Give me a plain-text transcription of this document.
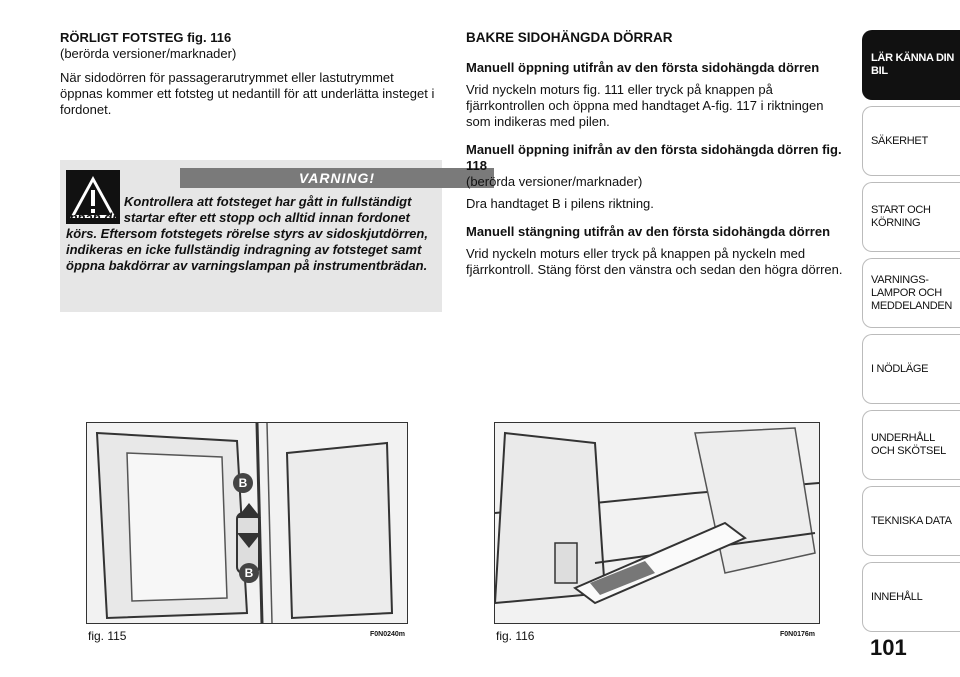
RÖRLIGT FOTSTEG fig. 116

(berörda versioner/marknader)

När sidodörren för passagerarutrymmet eller lastutrymmet öppnas kommer ett fotsteg ut nedantill för att underlätta insteget i fordonet.

VARNING!
Kontrollera att fotsteget har gått in fullständigt innan du startar efter ett stopp och alltid innan fordonet körs. Eftersom fotstegets rörelse styrs av sidoskjutdörren, indikeras en icke fullständig indragning av fotsteget samt öppna bakdörrar av varningslampan på instrumentbrädan.

BAKRE SIDOHÄNGDA DÖRRAR

Manuell öppning utifrån av den första sidohängda dörren

Vrid nyckeln moturs fig. 111 eller tryck på knappen på fjärrkontrollen och öppna med handtaget A-fig. 117 i riktningen som indikeras med pilen.

Manuell öppning inifrån av den första sidohängda dörren fig. 118

(berörda versioner/marknader)

Dra handtaget B i pilens riktning.

Manuell stängning utifrån av den första sidohängda dörren

Vrid nyckeln moturs eller tryck på knappen på nyckeln med fjärrkontroll. Stäng först den vänstra och sedan den högra dörren.

B
B
fig. 115	F0N0240m	fig. 116	F0N0176m
LÄR KÄNNA DIN BIL
SÄKERHET
START OCH KÖRNING
VARNINGS- LAMPOR OCH MEDDELANDEN
I NÖDLÄGE
UNDERHÅLL OCH SKÖTSEL
TEKNISKA DATA
INNEHÅLL
101
